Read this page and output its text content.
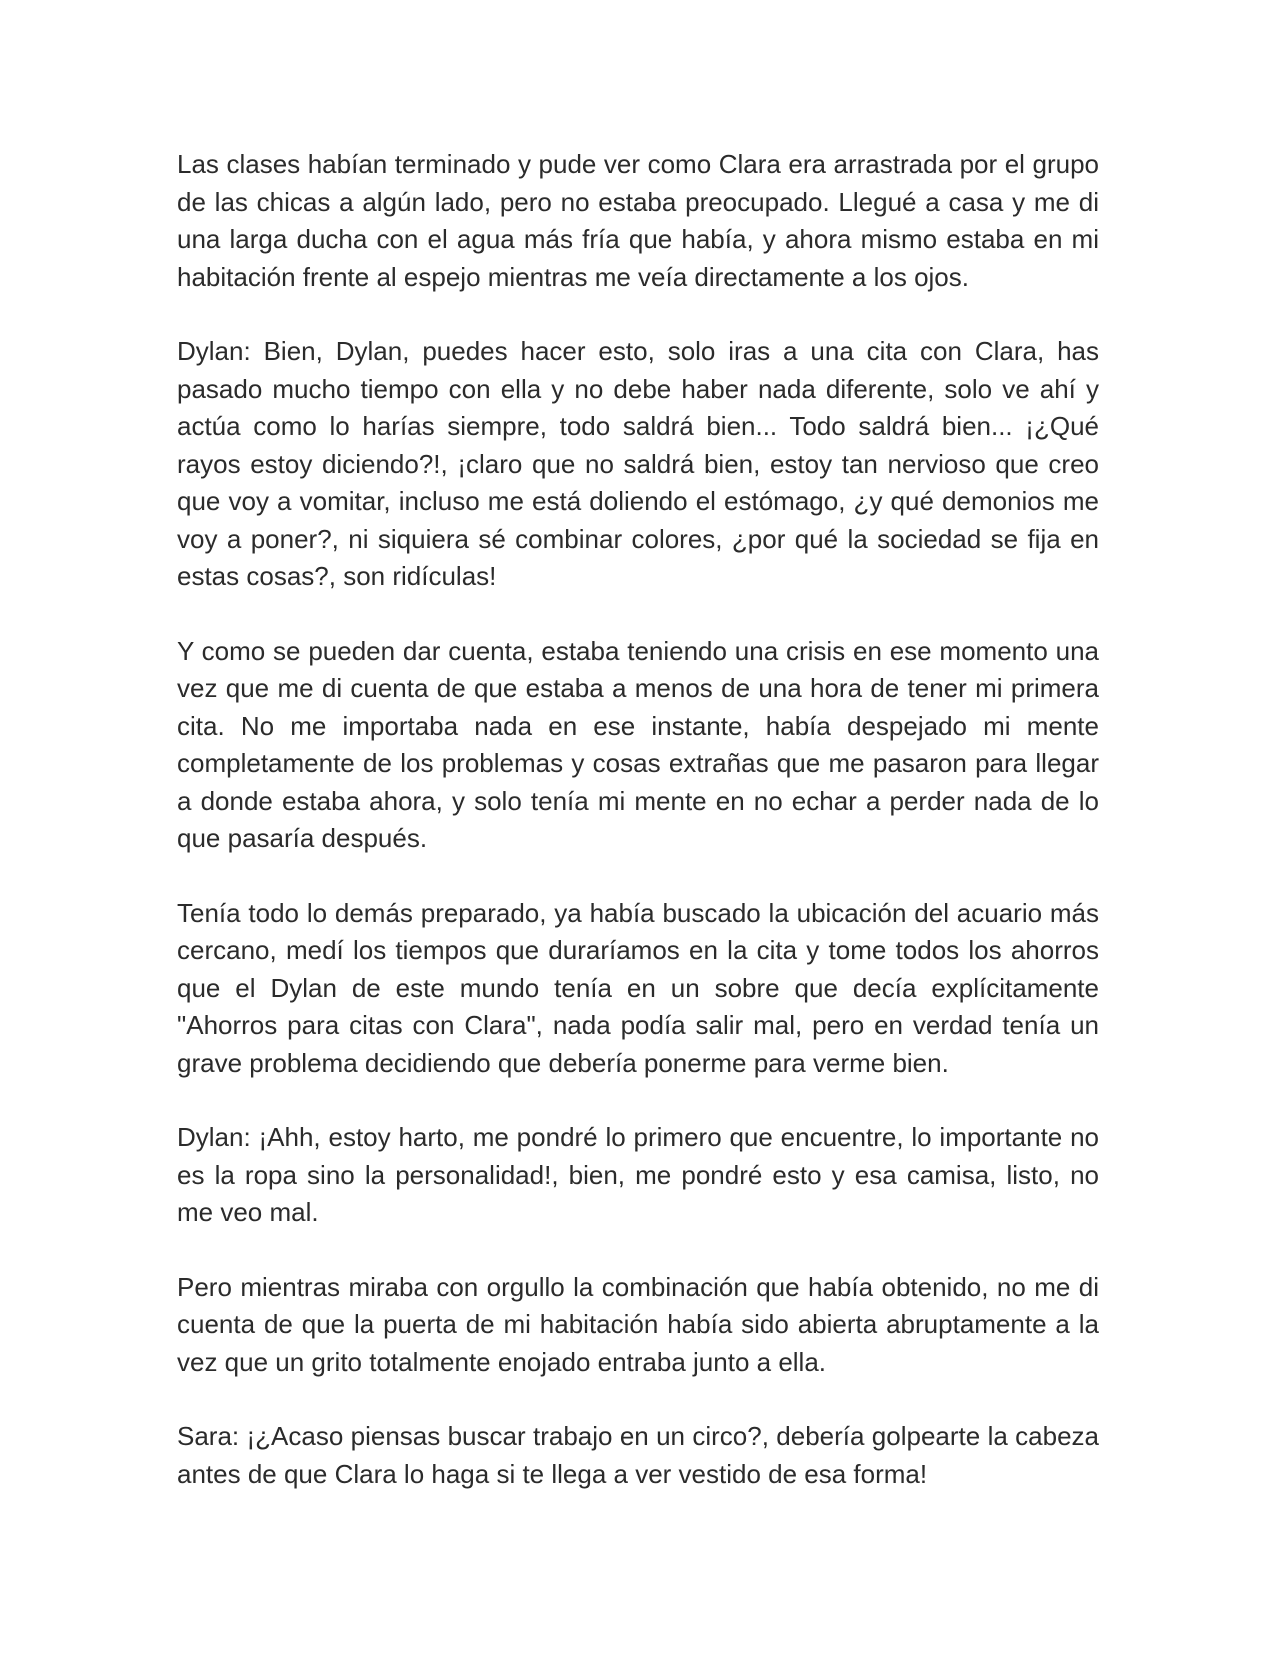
Las clases habían terminado y pude ver como Clara era arrastrada por el grupo de las chicas a algún lado, pero no estaba preocupado. Llegué a casa y me di una larga ducha con el agua más fría que había, y ahora mismo estaba en mi habitación frente al espejo mientras me veía directamente a los ojos.

Dylan: Bien, Dylan, puedes hacer esto, solo iras a una cita con Clara, has pasado mucho tiempo con ella y no debe haber nada diferente, solo ve ahí y actúa como lo harías siempre, todo saldrá bien... Todo saldrá bien... ¡¿Qué rayos estoy diciendo?!, ¡claro que no saldrá bien, estoy tan nervioso que creo que voy a vomitar, incluso me está doliendo el estómago, ¿y qué demonios me voy a poner?, ni siquiera sé combinar colores, ¿por qué la sociedad se fija en estas cosas?, son ridículas!

Y como se pueden dar cuenta, estaba teniendo una crisis en ese momento una vez que me di cuenta de que estaba a menos de una hora de tener mi primera cita. No me importaba nada en ese instante, había despejado mi mente completamente de los problemas y cosas extrañas que me pasaron para llegar a donde estaba ahora, y solo tenía mi mente en no echar a perder nada de lo que pasaría después.

Tenía todo lo demás preparado, ya había buscado la ubicación del acuario más cercano, medí los tiempos que duraríamos en la cita y tome todos los ahorros que el Dylan de este mundo tenía en un sobre que decía explícitamente "Ahorros para citas con Clara", nada podía salir mal, pero en verdad tenía un grave problema decidiendo que debería ponerme para verme bien.

Dylan: ¡Ahh, estoy harto, me pondré lo primero que encuentre, lo importante no es la ropa sino la personalidad!, bien, me pondré esto y esa camisa, listo, no me veo mal.

Pero mientras miraba con orgullo la combinación que había obtenido, no me di cuenta de que la puerta de mi habitación había sido abierta abruptamente a la vez que un grito totalmente enojado entraba junto a ella.

Sara: ¡¿Acaso piensas buscar trabajo en un circo?, debería golpearte la cabeza antes de que Clara lo haga si te llega a ver vestido de esa forma!
